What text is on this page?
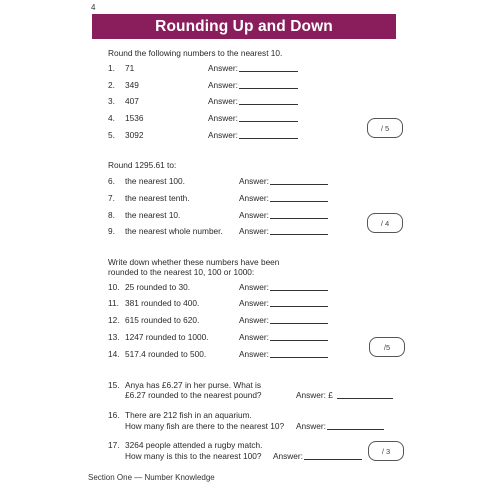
4
Rounding Up and Down
Round the following numbers to the nearest 10.
1. 71	Answer:
2. 349	Answer:
3. 407	Answer:
4. 1536	Answer:
5. 3092	Answer:
/ 5
Round 1295.61 to:
6. the nearest 100.	Answer:
7. the nearest tenth.	Answer:
8. the nearest 10.	Answer:
9. the nearest whole number. Answer:
/ 4
Write down whether these numbers have been
rounded to the nearest 10, 100 or 1000:
10. 25 rounded to 30.	Answer:
11. 381 rounded to 400.	Answer:
12. 615 rounded to 620.	Answer:
13. 1247 rounded to 1000.	Answer:
14. 517.4 rounded to 500.	Answer:
/5
15. Anya has £6.27 in her purse. What is
£6.27 rounded to the nearest pound?	Answer: £
16. There are 212 fish in an aquarium.
How many fish are there to the nearest 10? Answer:
17. 3264 people attended a rugby match.
How many is this to the nearest 100? Answer:	/ 3
Section One — Number Knowledge
